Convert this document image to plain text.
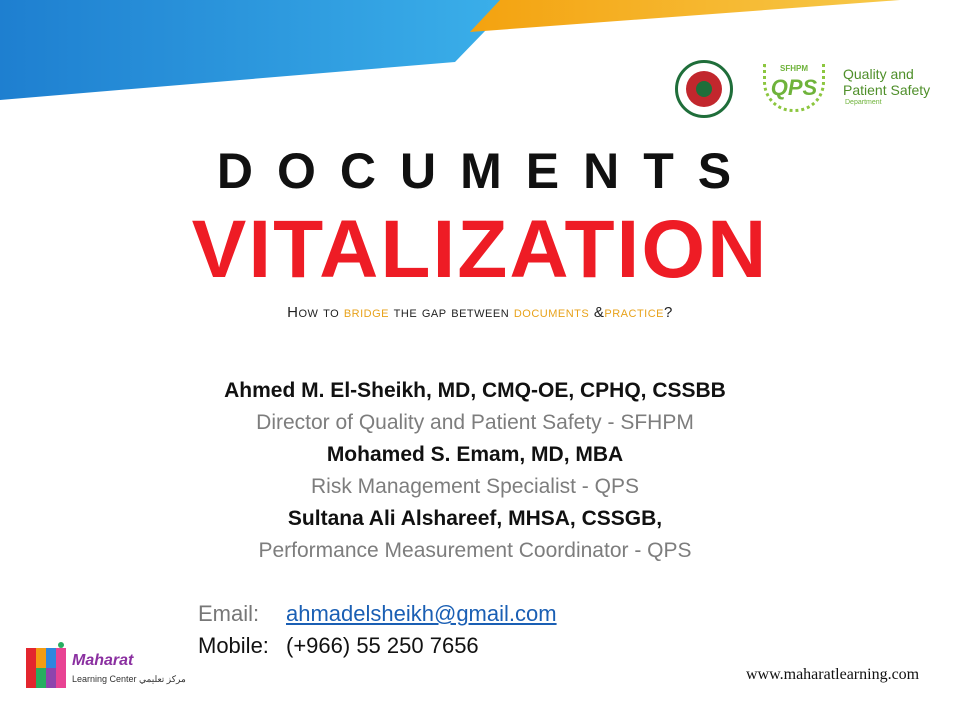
SFHPM
QPS
Quality and
Patient Safety
Department
DOCUMENTS
VITALIZATION
How to bridge the gap between documents &practice?
Ahmed M. El-Sheikh, MD, CMQ-OE, CPHQ, CSSBB
Director of Quality and Patient Safety - SFHPM
Mohamed S. Emam, MD, MBA
Risk Management Specialist - QPS
Sultana Ali Alshareef, MHSA, CSSGB,
Performance Measurement Coordinator - QPS
Email: ahmadelsheikh@gmail.com
Mobile: (+966) 55 250 7656
Maharat
Learning Center مركز تعليمي	www.maharatlearning.com
